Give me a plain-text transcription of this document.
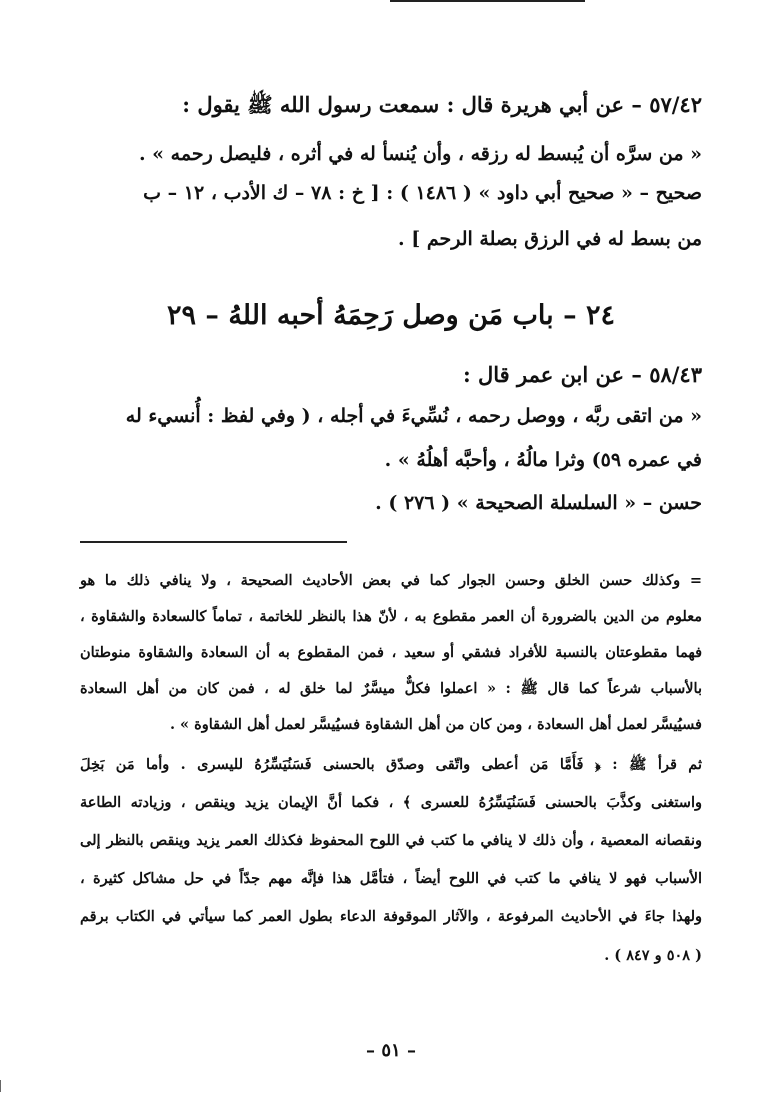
٥٧/٤٢ – عن أبي هريرة قال : سمعت رسول الله ﷺ يقول :
« من سرَّه أن يُبسط له رزقه ، وأن يُنسأ له في أثره ، فليصل رحمه » .
صحيح – « صحيح أبي داود » ( ١٤٨٦ ) : [ خ : ٧٨ – ك الأدب ، ١٢ – ب
من بسط له في الرزق بصلة الرحم ] .
٢٤ – باب مَن وصل رَحِمَهُ أحبه اللهُ – ٢٩
٥٨/٤٣ – عن ابن عمر قال :
« من اتقى ربَّه ، ووصل رحمه ، نُسِّيءَ في أجله ، ( وفي لفظ : أُنسيء له
في عمره ٥٩) وثرا مالُهُ ، وأحبَّه أهلُهُ » .
حسن – « السلسلة الصحيحة » ( ٢٧٦ ) .
= وكذلك حسن الخلق وحسن الجوار كما في بعض الأحاديث الصحيحة ، ولا ينافي ذلك ما هو
معلوم من الدين بالضرورة أن العمر مقطوع به ، لأنّ هذا بالنظر للخاتمة ، تماماً كالسعادة والشقاوة ،
فهما مقطوعتان بالنسبة للأفراد فشقي أو سعيد ، فمن المقطوع به أن السعادة والشقاوة منوطتان
بالأسباب شرعاً كما قال ﷺ : « اعملوا فكلٌّ ميسَّرٌ لما خلق له ، فمن كان من أهل السعادة
فسيُيسَّر لعمل أهل السعادة ، ومن كان من أهل الشقاوة فسيُيسَّر لعمل أهل الشقاوة » .
ثم قرأ ﷺ : ﴿ فَأَمَّا مَن أعطى واتّقى وصدّق بالحسنى فَسَنُيَسِّرُهُ لليسرى . وأما مَن بَخِلَ
واستغنى وكذَّبَ بالحسنى فَسَنُيَسِّرُهُ للعسرى ﴾ ، فكما أنَّ الإيمان يزيد وينقص ، وزيادته الطاعة
ونقصانه المعصية ، وأن ذلك لا ينافي ما كتب في اللوح المحفوظ فكذلك العمر يزيد وينقص بالنظر إلى
الأسباب فهو لا ينافي ما كتب في اللوح أيضاً ، فتأمَّل هذا فإنَّه مهم جدّاً في حل مشاكل كثيرة ،
ولهذا جاءَ في الأحاديث المرفوعة ، والآثار الموقوفة الدعاء بطول العمر كما سيأتي في الكتاب برقم
( ٥٠٨ و ٨٤٧ ) .
– ٥١ –
